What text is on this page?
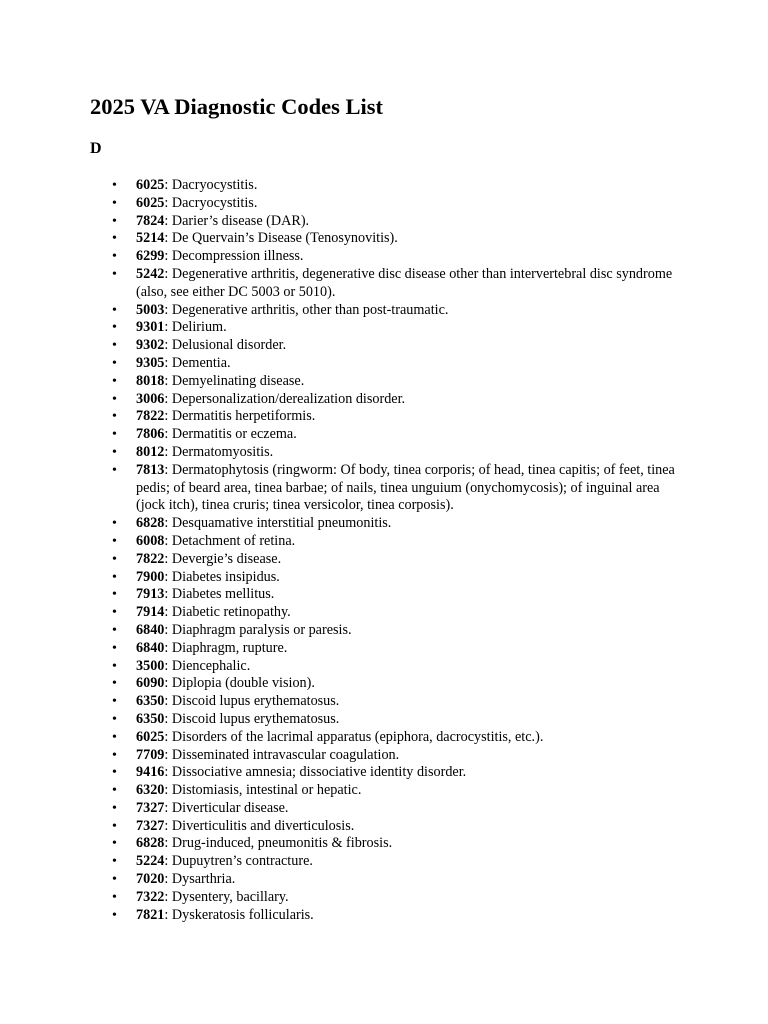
2025 VA Diagnostic Codes List
D
• 6025: Dacryocystitis.
• 6025: Dacryocystitis.
• 7824: Darier’s disease (DAR).
• 5214: De Quervain’s Disease (Tenosynovitis).
• 6299: Decompression illness.
• 5242: Degenerative arthritis, degenerative disc disease other than intervertebral disc syndrome (also, see either DC 5003 or 5010).
• 5003: Degenerative arthritis, other than post-traumatic.
• 9301: Delirium.
• 9302: Delusional disorder.
• 9305: Dementia.
• 8018: Demyelinating disease.
• 3006: Depersonalization/derealization disorder.
• 7822: Dermatitis herpetiformis.
• 7806: Dermatitis or eczema.
• 8012: Dermatomyositis.
• 7813: Dermatophytosis (ringworm: Of body, tinea corporis; of head, tinea capitis; of feet, tinea pedis; of beard area, tinea barbae; of nails, tinea unguium (onychomycosis); of inguinal area (jock itch), tinea cruris; tinea versicolor, tinea corposis).
• 6828: Desquamative interstitial pneumonitis.
• 6008: Detachment of retina.
• 7822: Devergie’s disease.
• 7900: Diabetes insipidus.
• 7913: Diabetes mellitus.
• 7914: Diabetic retinopathy.
• 6840: Diaphragm paralysis or paresis.
• 6840: Diaphragm, rupture.
• 3500: Diencephalic.
• 6090: Diplopia (double vision).
• 6350: Discoid lupus erythematosus.
• 6350: Discoid lupus erythematosus.
• 6025: Disorders of the lacrimal apparatus (epiphora, dacrocystitis, etc.).
• 7709: Disseminated intravascular coagulation.
• 9416: Dissociative amnesia; dissociative identity disorder.
• 6320: Distomiasis, intestinal or hepatic.
• 7327: Diverticular disease.
• 7327: Diverticulitis and diverticulosis.
• 6828: Drug-induced, pneumonitis & fibrosis.
• 5224: Dupuytren’s contracture.
• 7020: Dysarthria.
• 7322: Dysentery, bacillary.
• 7821: Dyskeratosis follicularis.
